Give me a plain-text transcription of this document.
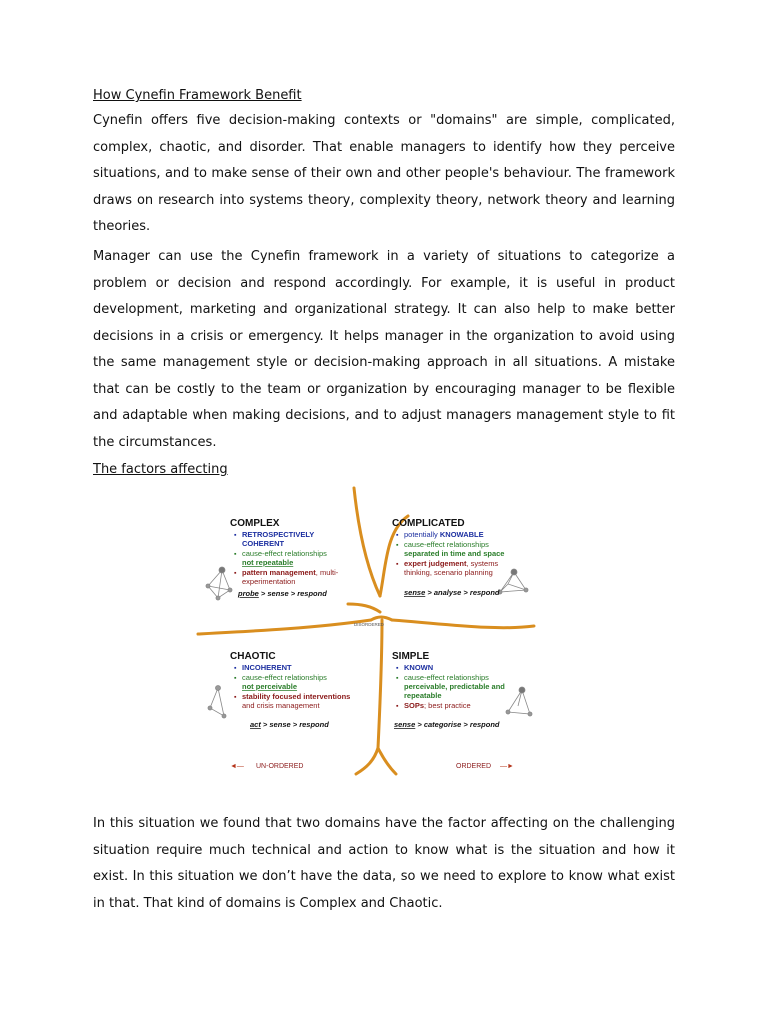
How Cynefin Framework Benefit
Cynefin offers five decision-making contexts or "domains" are simple, complicated, complex, chaotic, and disorder. That enable managers to identify how they perceive situations, and to make sense of their own and other people's behaviour. The framework draws on research into systems theory, complexity theory, network theory and learning theories.
Manager can use the Cynefin framework in a variety of situations to categorize a problem or decision and respond accordingly. For example, it is useful in product development, marketing and organizational strategy. It can also help to make better decisions in a crisis or emergency. It helps manager in the organization to avoid using the same management style or decision-making approach in all situations. A mistake that can be costly to the team or organization by encouraging manager to be flexible and adaptable when making decisions, and to adjust managers management style to fit the circumstances.
The factors affecting
COMPLEX
▪ RETROSPECTIVELY
COHERENT
▪ cause-effect relationships
not repeatable
▪ pattern management, multi-
experimentation
probe > sense > respond
COMPLICATED
▪ potentially KNOWABLE
▪ cause-effect relationships
separated in time and space
▪ expert judgement, systems
thinking, scenario planning
sense > analyse > respond
DISORDERED
CHAOTIC
▪ INCOHERENT
▪ cause-effect relationships
not perceivable
▪ stability focused interventions
and crisis management
act > sense > respond
SIMPLE
▪ KNOWN
▪ cause-effect relationships
perceivable, predictable and
repeatable
▪ SOPs; best practice
sense > categorise > respond
◄— UN-ORDERED	ORDERED —►
In this situation we found that two domains have the factor affecting on the challenging situation require much technical and action to know what is the situation and how it exist. In this situation we don’t have the data, so we need to explore to know what exist in that. That kind of domains is Complex and Chaotic.
